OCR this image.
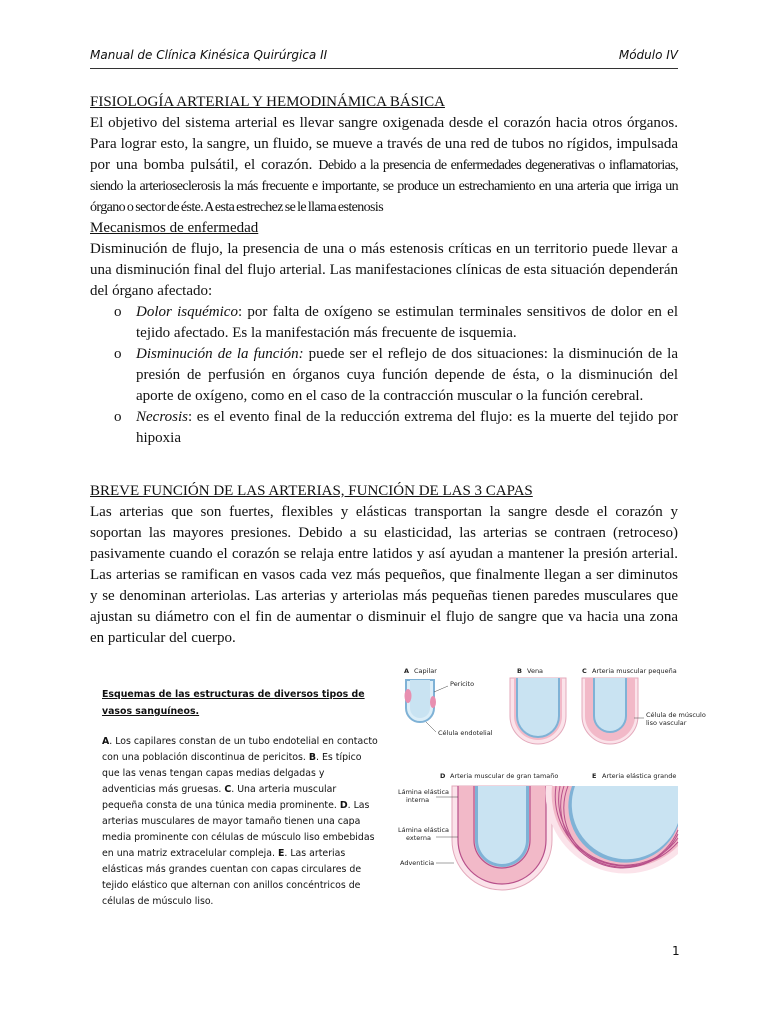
Manual de Clínica Kinésica Quirúrgica II	Módulo IV

FISIOLOGÍA ARTERIAL Y HEMODINÁMICA BÁSICA

El objetivo del sistema arterial es llevar sangre oxigenada desde el corazón hacia otros órganos. Para lograr esto, la sangre, un fluido, se mueve a través de una red de tubos no rígidos, impulsada por una bomba pulsátil, el corazón. Debido a la presencia de enfermedades degenerativas o inflamatorias, siendo la arterioseclerosis la más frecuente e importante, se produce un estrechamiento en una arteria que irriga un órgano o sector de éste. A esta estrechez se le llama estenosis

Mecanismos de enfermedad

Disminución de flujo, la presencia de una o más estenosis críticas en un territorio puede llevar a una disminución final del flujo arterial. Las manifestaciones clínicas de esta situación dependerán del órgano afectado:

o Dolor isquémico: por falta de oxígeno se estimulan terminales sensitivos de dolor en el tejido afectado. Es la manifestación más frecuente de isquemia.
o Disminución de la función: puede ser el reflejo de dos situaciones: la disminución de la presión de perfusión en órganos cuya función depende de ésta, o la disminución del aporte de oxígeno, como en el caso de la contracción muscular o la función cerebral.
o Necrosis: es el evento final de la reducción extrema del flujo: es la muerte del tejido por hipoxia

BREVE FUNCIÓN DE LAS ARTERIAS, FUNCIÓN DE LAS 3 CAPAS

Las arterias que son fuertes, flexibles y elásticas transportan la sangre desde el corazón y soportan las mayores presiones. Debido a su elasticidad, las arterias se contraen (retroceso) pasivamente cuando el corazón se relaja entre latidos y así ayudan a mantener la presión arterial. Las arterias se ramifican en vasos cada vez más pequeños, que finalmente llegan a ser diminutos y se denominan arteriolas. Las arterias y arteriolas más pequeñas tienen paredes musculares que ajustan su diámetro con el fin de aumentar o disminuir el flujo de sangre que va hacia una zona en particular del cuerpo.

Esquemas de las estructuras de diversos tipos de vasos sanguíneos.
A. Los capilares constan de un tubo endotelial en contacto con una población discontinua de pericitos. B. Es típico que las venas tengan capas medias delgadas y adventicias más gruesas. C. Una arteria muscular pequeña consta de una túnica media prominente. D. Las arterias musculares de mayor tamaño tienen una capa media prominente con células de músculo liso embebidas en una matriz extracelular compleja. E. Las arterias elásticas más grandes cuentan con capas circulares de tejido elástico que alternan con anillos concéntricos de células de músculo liso.
A Capilar	B Vena	C Arteria muscular pequeña
Pericito
Célula endotelial
Célula de músculo
liso vascular
D Arteria muscular de gran tamaño	E Arteria elástica grande
Lámina elástica
interna
Lámina elástica
externa
Adventicia
1
